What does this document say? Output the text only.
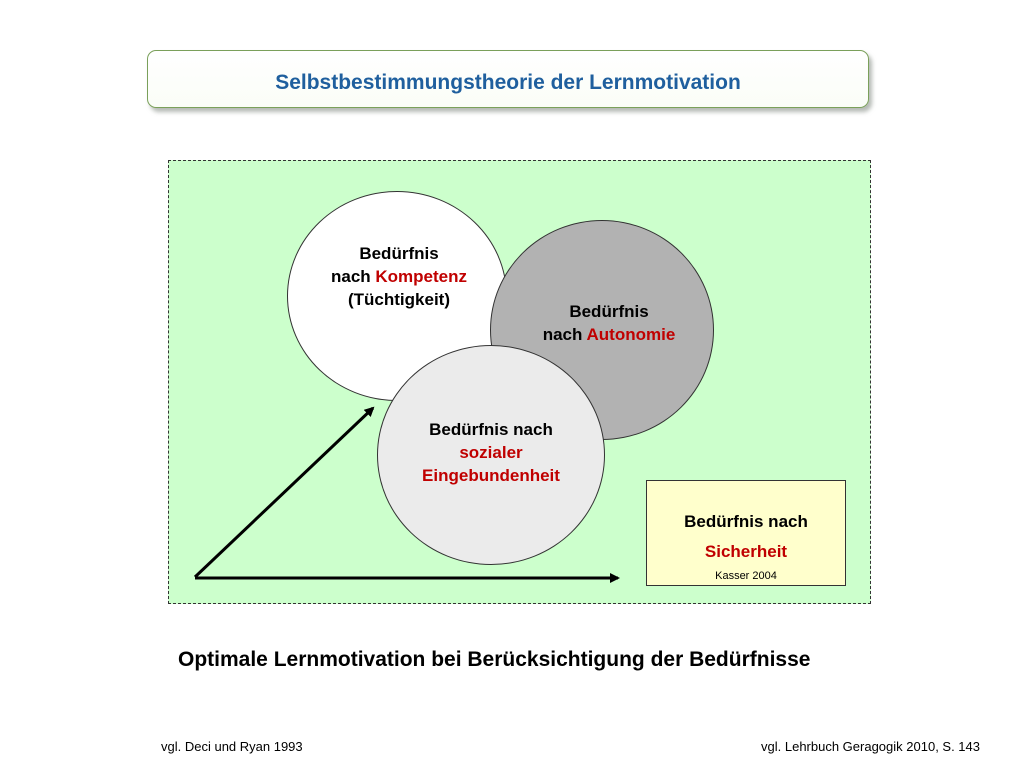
Selbstbestimmungstheorie der Lernmotivation
Bedürfnis
nach Kompetenz
(Tüchtigkeit)
Bedürfnis
nach Autonomie
Bedürfnis nach
sozialer
Eingebundenheit
Bedürfnis nach
Sicherheit
Kasser 2004
Optimale Lernmotivation bei Berücksichtigung der Bedürfnisse
vgl. Deci und Ryan 1993	vgl. Lehrbuch Geragogik 2010, S. 143
